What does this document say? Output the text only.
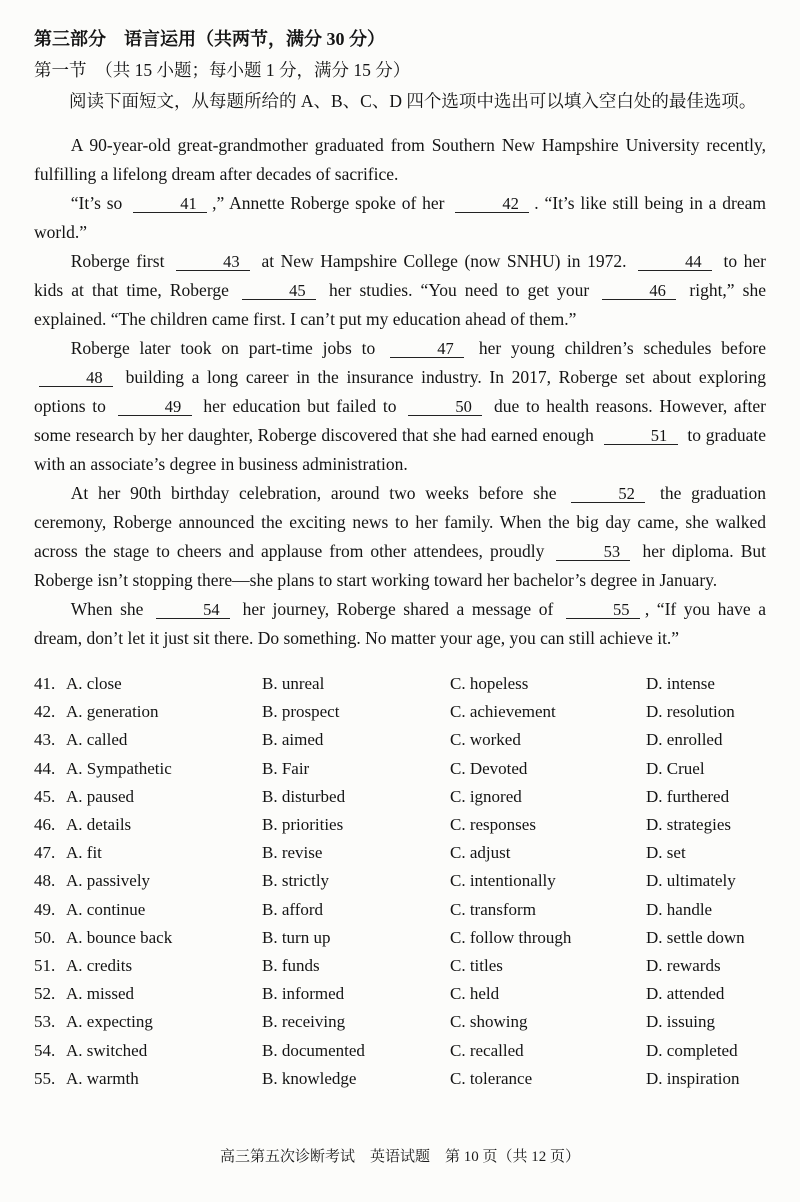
第三部分　语言运用（共两节，满分 30 分）

第一节　（共 15 小题；每小题 1 分，满分 15 分）

阅读下面短文，从每题所给的 A、B、C、D 四个选项中选出可以填入空白处的最佳选项。

A 90-year-old great-grandmother graduated from Southern New Hampshire University recently, fulfilling a lifelong dream after decades of sacrifice.

“It’s so	41 ,” Annette Roberge spoke of her	42 . “It’s like still being in a dream world.”

Roberge first	43 at New Hampshire College (now SNHU) in 1972.	44 to her kids at that time, Roberge	45 her studies. “You need to get your	46 right,” she explained. “The children came first. I can’t put my education ahead of them.”

Roberge later took on part-time jobs to	47 her young children’s schedules before 48 building a long career in the insurance industry. In 2017, Roberge set about exploring options to	49 her education but failed to	50 due to health reasons. However, after some research by her daughter, Roberge discovered that she had earned enough	51 to graduate with an associate’s degree in business administration.

At her 90th birthday celebration, around two weeks before she	52 the graduation ceremony, Roberge announced the exciting news to her family. When the big day came, she walked across the stage to cheers and applause from other attendees, proudly	53 her diploma. But Roberge isn’t stopping there—she plans to start working toward her bachelor’s degree in January.

When she	54 her journey, Roberge shared a message of	55 , “If you have a dream, don’t let it just sit there. Do something. No matter your age, you can still achieve it.”

41. A. close	B. unreal	C. hopeless	D. intense
42. A. generation	B. prospect	C. achievement	D. resolution
43. A. called	B. aimed	C. worked	D. enrolled
44. A. Sympathetic	B. Fair	C. Devoted	D. Cruel
45. A. paused	B. disturbed	C. ignored	D. furthered
46. A. details	B. priorities	C. responses	D. strategies
47. A. fit	B. revise	C. adjust	D. set
48. A. passively	B. strictly	C. intentionally	D. ultimately
49. A. continue	B. afford	C. transform	D. handle
50. A. bounce back	B. turn up	C. follow through	D. settle down
51. A. credits	B. funds	C. titles	D. rewards
52. A. missed	B. informed	C. held	D. attended
53. A. expecting	B. receiving	C. showing	D. issuing
54. A. switched	B. documented	C. recalled	D. completed
55. A. warmth	B. knowledge	C. tolerance	D. inspiration
高三第五次诊断考试　英语试题　第 10 页（共 12 页）
